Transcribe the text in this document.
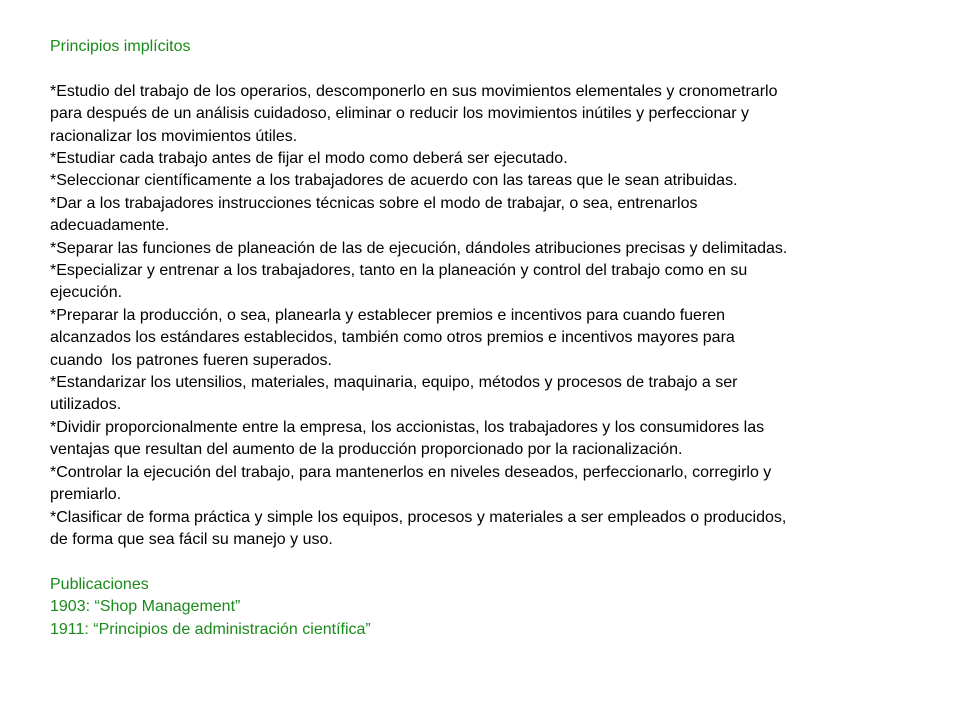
Principios implícitos
*Estudio del trabajo de los operarios, descomponerlo en sus movimientos elementales y cronometrarlo
para después de un análisis cuidadoso, eliminar o reducir los movimientos inútiles y perfeccionar y
racionalizar los movimientos útiles.
*Estudiar cada trabajo antes de fijar el modo como deberá ser ejecutado.
*Seleccionar científicamente a los trabajadores de acuerdo con las tareas que le sean atribuidas.
*Dar a los trabajadores instrucciones técnicas sobre el modo de trabajar, o sea, entrenarlos
adecuadamente.
*Separar las funciones de planeación de las de ejecución, dándoles atribuciones precisas y delimitadas.
*Especializar y entrenar a los trabajadores, tanto en la planeación y control del trabajo como en su
ejecución.
*Preparar la producción, o sea, planearla y establecer premios e incentivos para cuando fueren
alcanzados los estándares establecidos, también como otros premios e incentivos mayores para
cuando  los patrones fueren superados.
*Estandarizar los utensilios, materiales, maquinaria, equipo, métodos y procesos de trabajo a ser
utilizados.
*Dividir proporcionalmente entre la empresa, los accionistas, los trabajadores y los consumidores las
ventajas que resultan del aumento de la producción proporcionado por la racionalización.
*Controlar la ejecución del trabajo, para mantenerlos en niveles deseados, perfeccionarlo, corregirlo y
premiarlo.
*Clasificar de forma práctica y simple los equipos, procesos y materiales a ser empleados o producidos,
de forma que sea fácil su manejo y uso.
Publicaciones
1903: “Shop Management”
1911: “Principios de administración científica”
